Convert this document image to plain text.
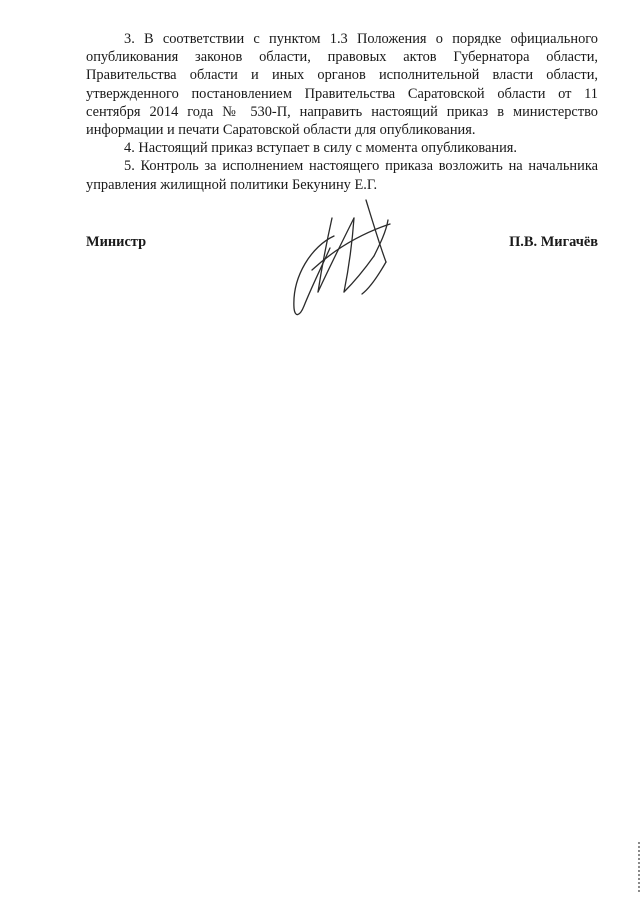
3. В соответствии с пунктом 1.3 Положения о порядке официального опубликования законов области, правовых актов Губернатора области, Правительства области и иных органов исполнительной власти области, утвержденного постановлением Правительства Саратовской области от 11 сентября 2014 года № 530-П, направить настоящий приказ в министерство информации и печати Саратовской области для опубликования.

4. Настоящий приказ вступает в силу с момента опубликования.

5. Контроль за исполнением настоящего приказа возложить на начальника управления жилищной политики Бекунину Е.Г.

Министр	П.В. Мигачёв
